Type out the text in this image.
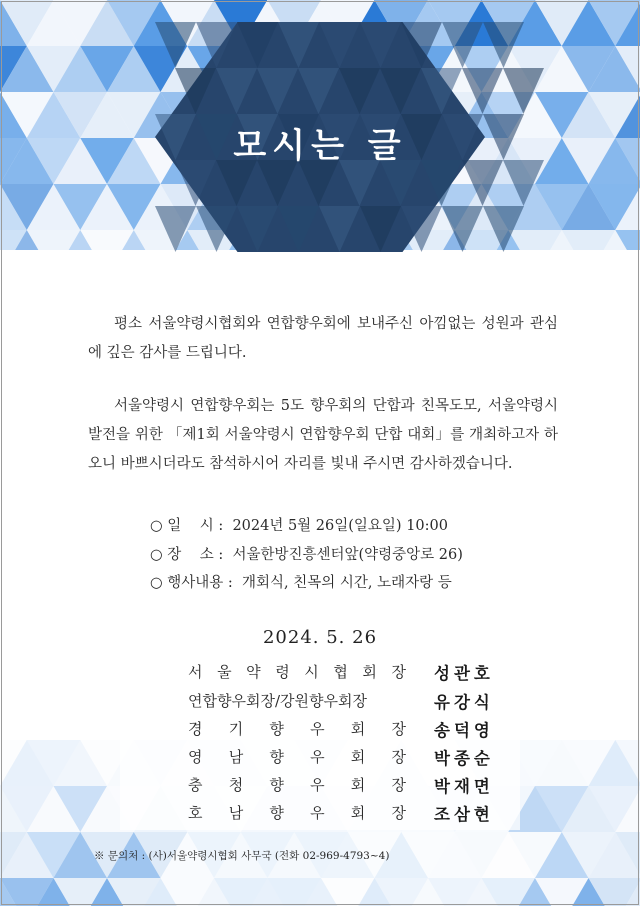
모시는 글

평소 서울약령시협회와 연합향우회에 보내주신 아낌없는 성원과 관심에 깊은 감사를 드립니다.

서울약령시 연합향우회는 5도 향우회의 단합과 친목도모, 서울약령시 발전을 위한 「제1회 서울약령시 연합향우회 단합 대회」를 개최하고자 하오니 바쁘시더라도 참석하시어 자리를 빛내 주시면 감사하겠습니다.

○ 일    시 : 2024년 5월 26일(일요일) 10:00
○ 장    소 : 서울한방진흥센터앞(약령중앙로 26)
○ 행사내용 : 개회식, 친목의 시간, 노래자랑 등
2024. 5. 26
서 울 약 령 시 협 회 장 성관호
연합향우회장/강원향우회장	유강식
경 기 향 우 회 장 송덕영
영 남 향 우 회 장 박종순
충 청 향 우 회 장 박재면
호 남 향 우 회 장 조삼현
※ 문의처 : (사)서울약령시협회 사무국 (전화 02-969-4793~4)
